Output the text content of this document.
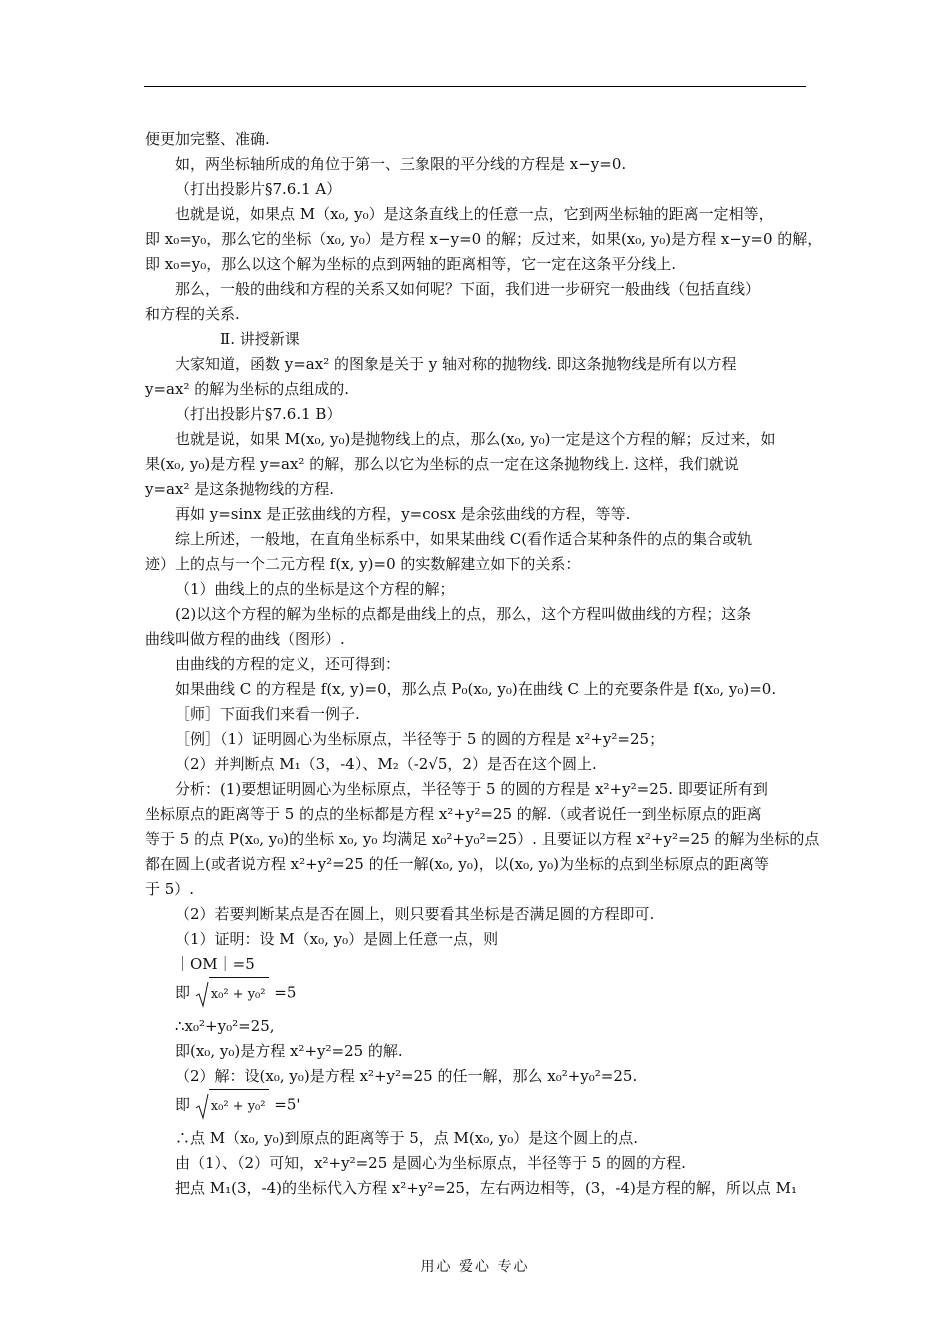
便更加完整、准确.

如，两坐标轴所成的角位于第一、三象限的平分线的方程是 x−y=0.

（打出投影片§7.6.1 A）

也就是说，如果点 M（x₀, y₀）是这条直线上的任意一点，它到两坐标轴的距离一定相等，

即 x₀=y₀，那么它的坐标（x₀, y₀）是方程 x−y=0 的解；反过来，如果(x₀, y₀)是方程 x−y=0 的解，

即 x₀=y₀，那么以这个解为坐标的点到两轴的距离相等，它一定在这条平分线上.

那么，一般的曲线和方程的关系又如何呢？下面，我们进一步研究一般曲线（包括直线）

和方程的关系.

Ⅱ. 讲授新课

大家知道，函数 y=ax² 的图象是关于 y 轴对称的抛物线. 即这条抛物线是所有以方程

y=ax² 的解为坐标的点组成的.

（打出投影片§7.6.1 B）

也就是说，如果 M(x₀, y₀)是抛物线上的点，那么(x₀, y₀)一定是这个方程的解；反过来，如

果(x₀, y₀)是方程 y=ax² 的解，那么以它为坐标的点一定在这条抛物线上. 这样，我们就说

y=ax² 是这条抛物线的方程.

再如 y=sinx 是正弦曲线的方程，y=cosx 是余弦曲线的方程，等等.

综上所述，一般地，在直角坐标系中，如果某曲线 C(看作适合某种条件的点的集合或轨

迹）上的点与一个二元方程 f(x, y)=0 的实数解建立如下的关系：

（1）曲线上的点的坐标是这个方程的解；

(2)以这个方程的解为坐标的点都是曲线上的点，那么，这个方程叫做曲线的方程；这条

曲线叫做方程的曲线（图形）.

由曲线的方程的定义，还可得到：

如果曲线 C 的方程是 f(x, y)=0，那么点 P₀(x₀, y₀)在曲线 C 上的充要条件是 f(x₀, y₀)=0.

［师］下面我们来看一例子.

［例］（1）证明圆心为坐标原点，半径等于 5 的圆的方程是 x²+y²=25；

（2）并判断点 M₁（3，-4）、M₂（-2√5，2）是否在这个圆上.

分析：(1)要想证明圆心为坐标原点，半径等于 5 的圆的方程是 x²+y²=25. 即要证所有到

坐标原点的距离等于 5 的点的坐标都是方程 x²+y²=25 的解.（或者说任一到坐标原点的距离

等于 5 的点 P(x₀, y₀)的坐标 x₀, y₀ 均满足 x₀²+y₀²=25）. 且要证以方程 x²+y²=25 的解为坐标的点

都在圆上(或者说方程 x²+y²=25 的任一解(x₀, y₀)，以(x₀, y₀)为坐标的点到坐标原点的距离等

于 5）.

（2）若要判断某点是否在圆上，则只要看其坐标是否满足圆的方程即可.

（1）证明：设 M（x₀, y₀）是圆上任意一点，则

｜OM｜=5

即 x₀² + y₀² =5

∴x₀²+y₀²=25,

即(x₀, y₀)是方程 x²+y²=25 的解.

（2）解：设(x₀, y₀)是方程 x²+y²=25 的任一解，那么 x₀²+y₀²=25.

即 x₀² + y₀² =5'

∴点 M（x₀, y₀)到原点的距离等于 5，点 M(x₀, y₀）是这个圆上的点.

由（1）、（2）可知，x²+y²=25 是圆心为坐标原点，半径等于 5 的圆的方程.

把点 M₁(3，-4)的坐标代入方程 x²+y²=25，左右两边相等，(3，-4)是方程的解，所以点 M₁

用心 爱心 专心
